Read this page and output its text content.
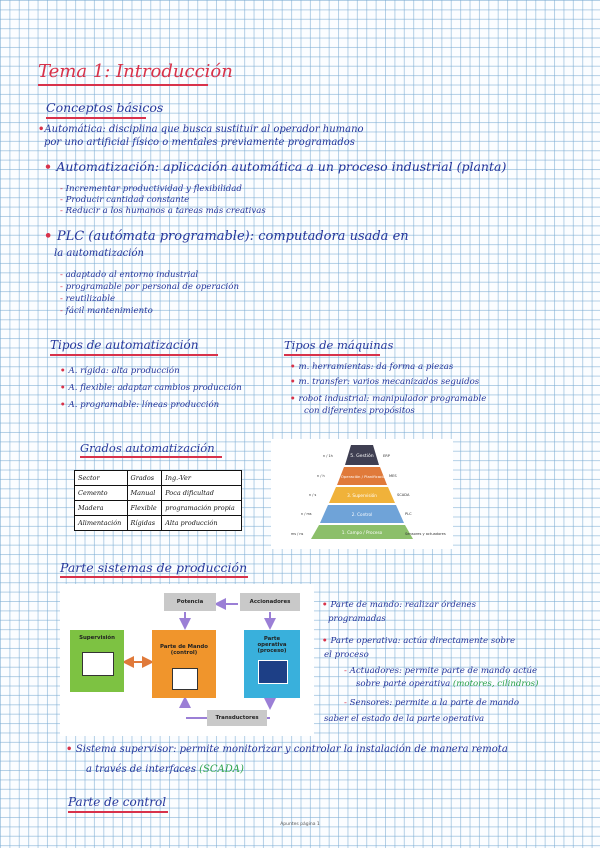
Tema 1: Introducción
Conceptos básicos
•Automática: disciplina que busca sustituir al operador humano
por uno artificial físico o mentales previamente programados
• Automatización: aplicación automática a un proceso industrial (planta)
- Incrementar productividad y flexibilidad
- Producir cantidad constante
- Reducir a los humanos a tareas más creativas
• PLC (autómata programable): computadora usada en
la automatización
- adaptado al entorno industrial
- programable por personal de operación
- reutilizable
- fácil mantenimiento
Tipos de automatización
• A. rígida: alta producción
• A. flexible: adaptar cambios producción
• A. programable: líneas producción
Tipos de máquinas
• m. herramientas: da forma a piezas
• m. transfer: varios mecanizados seguidos
• robot industrial: manipulador programable
con diferentes propósitos
Grados automatización
Sector	Grados	Ing.-Ver
Cemento	Manual	Poca dificultad
Madera	Flexible	programación propia
Alimentación	Rígidas	Alta producción
5. Gestión
4. Operación / Planificación
3. Supervisión
2. Control
1. Campo / Proceso
ERP
MES
SCADA
PLC
Sensores y actuadores
n / 1h
n / h
n / s
n / ms
ms / ns
Parte sistemas de producción
Potencia	Accionadores
Supervisión
Parte de Mando (control)
Parte operativa (proceso)
Transductores
• Parte de mando: realizar órdenes
programadas
• Parte operativa: actúa directamente sobre
el proceso
- Actuadores: permite parte de mando actúe
sobre parte operativa (motores, cilindros)
- Sensores: permite a la parte de mando
saber el estado de la parte operativa
• Sistema supervisor: permite monitorizar y controlar la instalación de manera remota
a través de interfaces (SCADA)
Parte de control
Apuntes página 1
